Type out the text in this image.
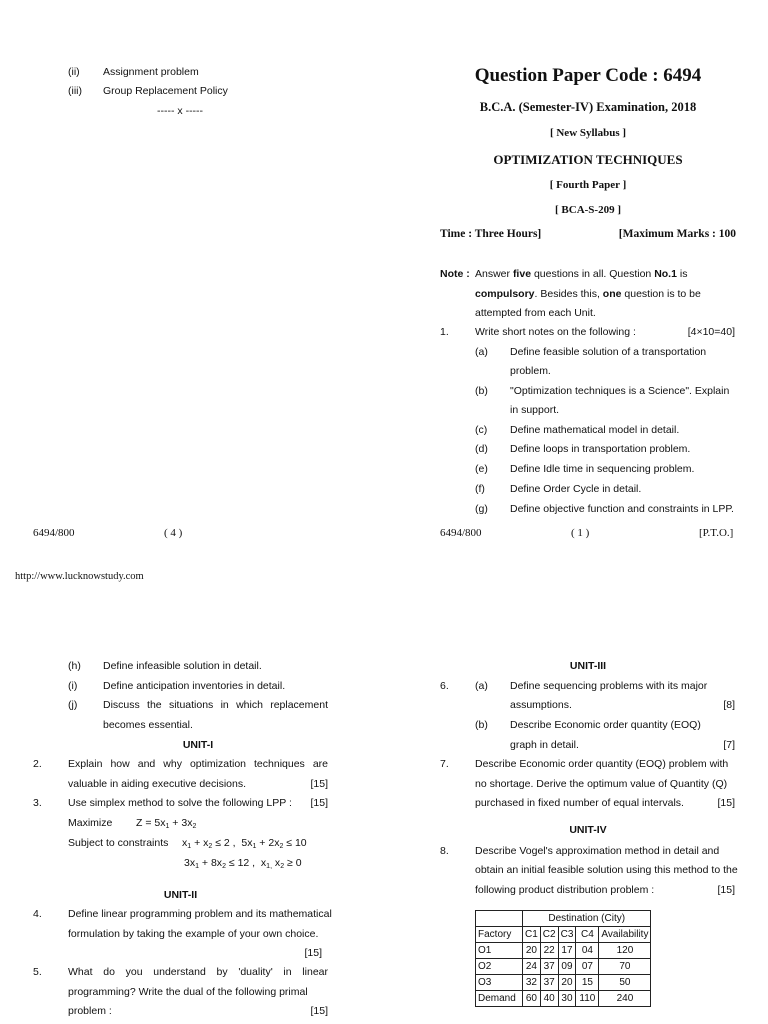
(ii) Assignment problem
(iii) Group Replacement Policy
----- x -----
6494/800	( 4 )
Question Paper Code : 6494
B.C.A. (Semester-IV) Examination, 2018
[ New Syllabus ]
OPTIMIZATION TECHNIQUES
[ Fourth Paper ]
[ BCA-S-209 ]
Time : Three Hours]	[Maximum Marks : 100
Note : Answer five questions in all. Question No.1 is
compulsory. Besides this, one question is to be
attempted from each Unit.
1. Write short notes on the following :	[4×10=40]
(a) Define feasible solution of a transportation
problem.
(b) "Optimization techniques is a Science". Explain
in support.
(c) Define mathematical model in detail.
(d) Define loops in transportation problem.
(e) Define Idle time in sequencing problem.
(f) Define Order Cycle in detail.
(g) Define objective function and constraints in LPP.
6494/800	( 1 )	[P.T.O.]
http://www.lucknowstudy.com
(h) Define infeasible solution in detail.
(i) Define anticipation inventories in detail.
(j) Discuss the situations in which replacement
becomes essential.
UNIT-I
2. Explain how and why optimization techniques are
valuable in aiding executive decisions.	[15]
3. Use simplex method to solve the following LPP :	[15]
Maximize $Z = 5x_1 + 3x_2$
Subject to constraints $x_1 + x_2 \le 2$ ,  $5x_1 + 2x_2 \le 10$
$3x_1 + 8x_2 \le 12$ ,  $x_{1,}$ $x_2 \ge 0$
UNIT-II
4. Define linear programming problem and its mathematical
formulation by taking the example of your own choice.
[15]
5. What do you understand by 'duality' in linear
programming? Write the dual of the following primal
problem :	[15]
UNIT-III
6. (a) Define sequencing problems with its major
assumptions.	[8]
(b) Describe Economic order quantity (EOQ)
graph in detail.	[7]
7. Describe Economic order quantity (EOQ) problem with
no shortage. Derive the optimum value of Quantity (Q)
purchased in fixed number of equal intervals.	[15]
UNIT-IV
8. Describe Vogel's approximation method in detail and
obtain an initial feasible solution using this method to the
following product distribution problem :	[15]
	Destination (City)				
Factory	C1	C2	C3	C4	Availability
O1	20	22	17	04	120
O2	24	37	09	07	70
O3	32	37	20	15	50
Demand	60	40	30	110	240
